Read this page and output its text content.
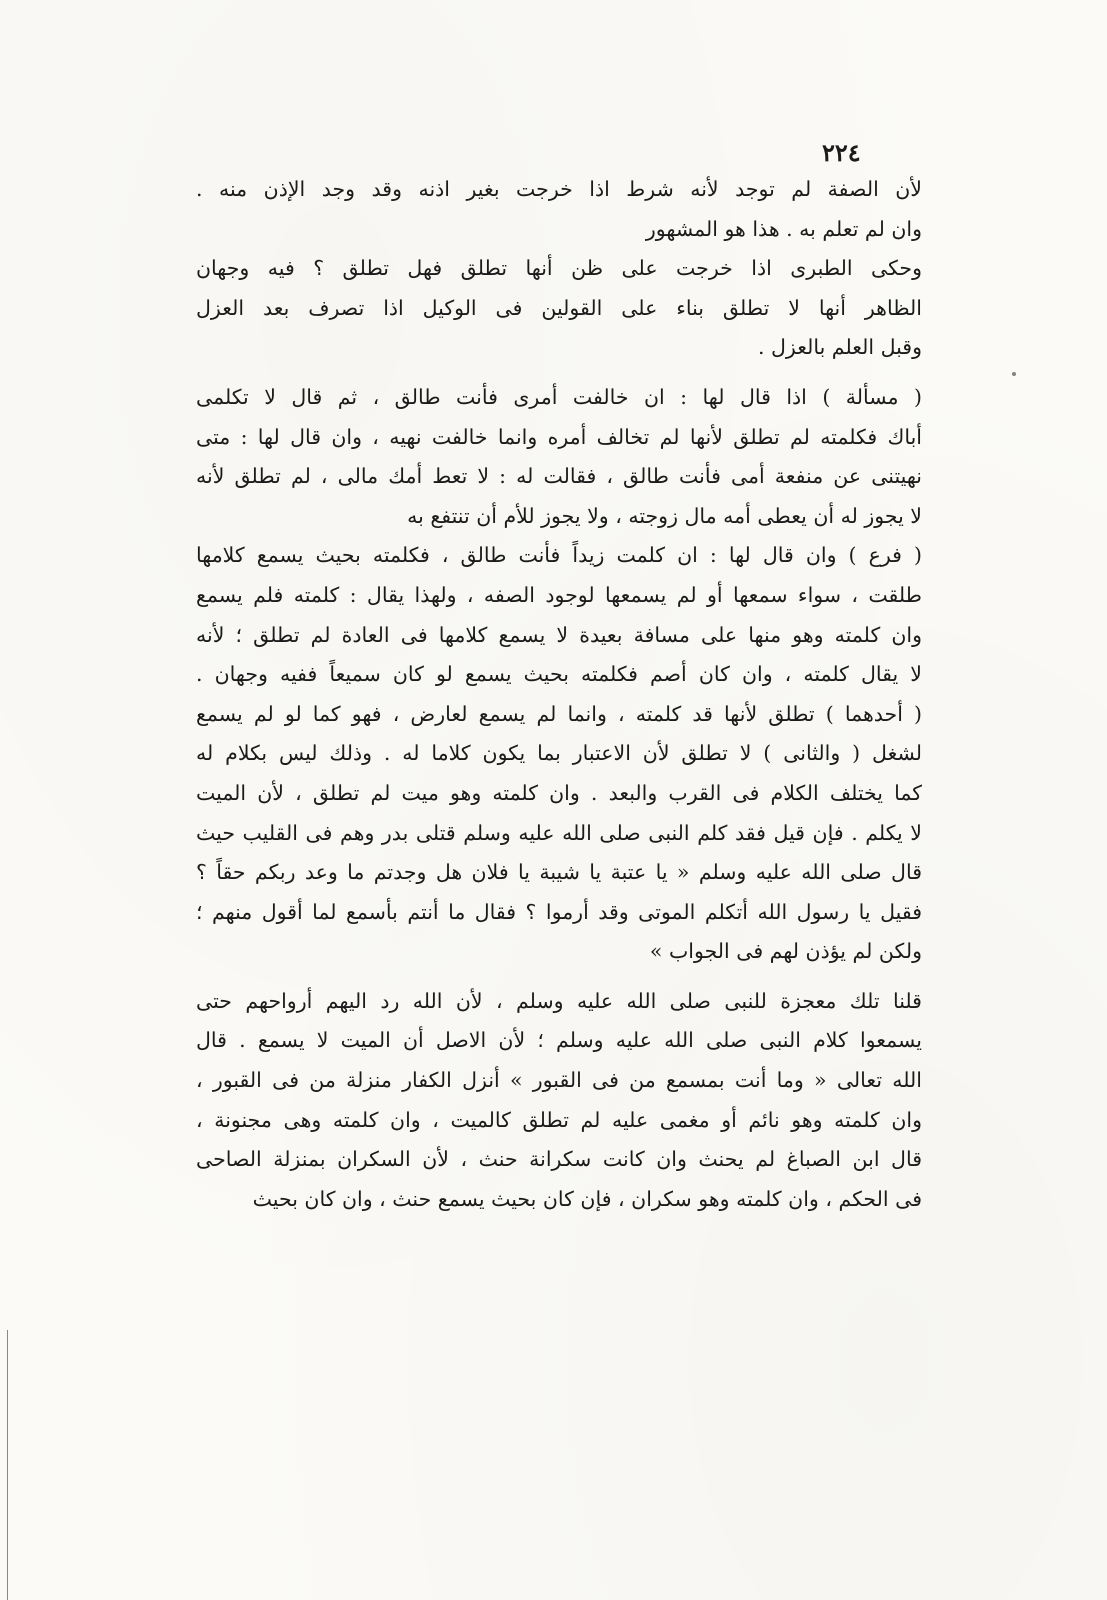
٢٢٤
لأن الصفة لم توجد لأنه شرط اذا خرجت بغير اذنه وقد وجد الإذن منه .
وان لم تعلم به . هذا هو المشهور
وحكى الطبرى اذا خرجت على ظن أنها تطلق فهل تطلق ؟ فيه وجهان
الظاهر أنها لا تطلق بناء على القولين فى الوكيل اذا تصرف بعد العزل
وقبل العلم بالعزل .
( مسألة ) اذا قال لها : ان خالفت أمرى فأنت طالق ، ثم قال لا تكلمى
أباك فكلمته لم تطلق لأنها لم تخالف أمره وانما خالفت نهيه ، وان قال لها : متى
نهيتنى عن منفعة أمى فأنت طالق ، فقالت له : لا تعط أمك مالى ، لم تطلق لأنه
لا يجوز له أن يعطى أمه مال زوجته ، ولا يجوز للأم أن تنتفع به
( فرع ) وان قال لها : ان كلمت زيداً فأنت طالق ، فكلمته بحيث يسمع كلامها
طلقت ، سواء سمعها أو لم يسمعها لوجود الصفه ، ولهذا يقال : كلمته فلم يسمع
وان كلمته وهو منها على مسافة بعيدة لا يسمع كلامها فى العادة لم تطلق ؛ لأنه
لا يقال كلمته ، وان كان أصم فكلمته بحيث يسمع لو كان سميعاً ففيه وجهان .
( أحدهما ) تطلق لأنها قد كلمته ، وانما لم يسمع لعارض ، فهو كما لو لم يسمع
لشغل ( والثانى ) لا تطلق لأن الاعتبار بما يكون كلاما له . وذلك ليس بكلام له
كما يختلف الكلام فى القرب والبعد . وان كلمته وهو ميت لم تطلق ، لأن الميت
لا يكلم . فإن قيل فقد كلم النبى صلى الله عليه وسلم قتلى بدر وهم فى القليب حيث
قال صلى الله عليه وسلم « يا عتبة يا شيبة يا فلان هل وجدتم ما وعد ربكم حقاً ؟
فقيل يا رسول الله أتكلم الموتى وقد أرموا ؟ فقال ما أنتم بأسمع لما أقول منهم ؛
ولكن لم يؤذن لهم فى الجواب »
قلنا تلك معجزة للنبى صلى الله عليه وسلم ، لأن الله رد اليهم أرواحهم حتى
يسمعوا كلام النبى صلى الله عليه وسلم ؛ لأن الاصل أن الميت لا يسمع . قال
الله تعالى « وما أنت بمسمع من فى القبور » أنزل الكفار منزلة من فى القبور ،
وان كلمته وهو نائم أو مغمى عليه لم تطلق كالميت ، وان كلمته وهى مجنونة ،
قال ابن الصباغ لم يحنث وان كانت سكرانة حنث ، لأن السكران بمنزلة الصاحى
فى الحكم ، وان كلمته وهو سكران ، فإن كان بحيث يسمع حنث ، وان كان بحيث
